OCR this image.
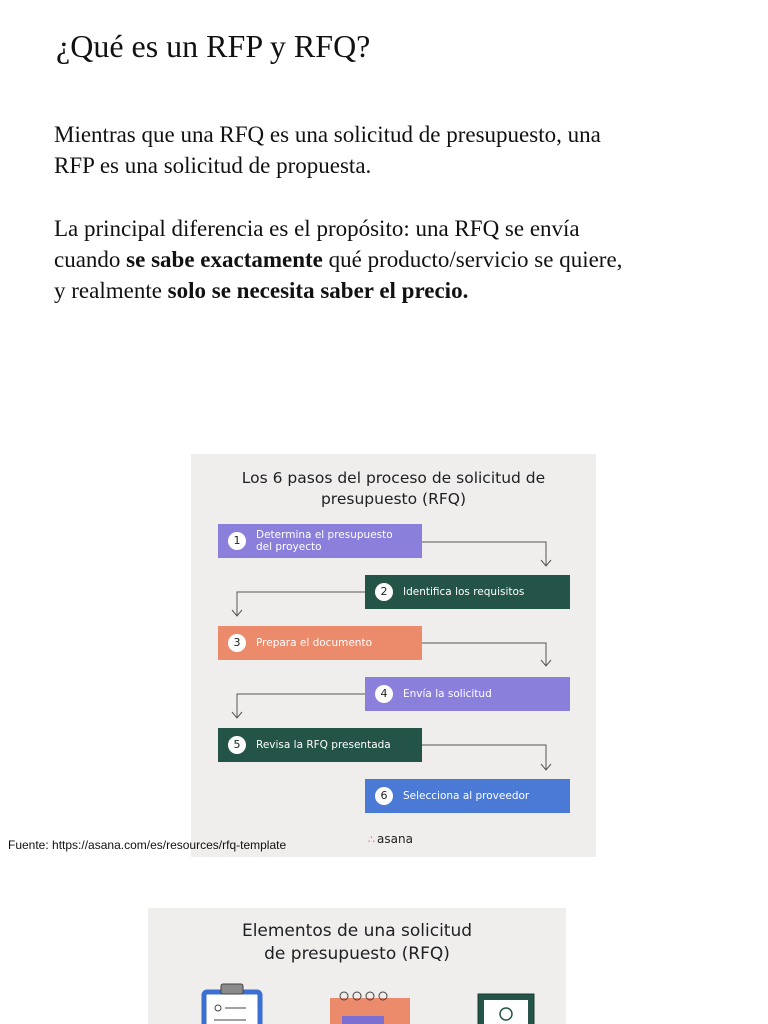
¿Qué es un RFP y RFQ?

Mientras que una RFQ es una solicitud de presupuesto, una
RFP es una solicitud de propuesta.

La principal diferencia es el propósito: una RFQ se envía
cuando se sabe exactamente qué producto/servicio se quiere,
y realmente solo se necesita saber el precio.

Los 6 pasos del proceso de solicitud de
presupuesto (RFQ)
1	Determina el presupuesto
del proyecto
2	Identifica los requisitos
3	Prepara el documento
4	Envía la solicitud
5	Revisa la RFQ presentada
6	Selecciona al proveedor
∴ asana
Fuente: https://asana.com/es/resources/rfq-template
Elementos de una solicitud
de presupuesto (RFQ)
